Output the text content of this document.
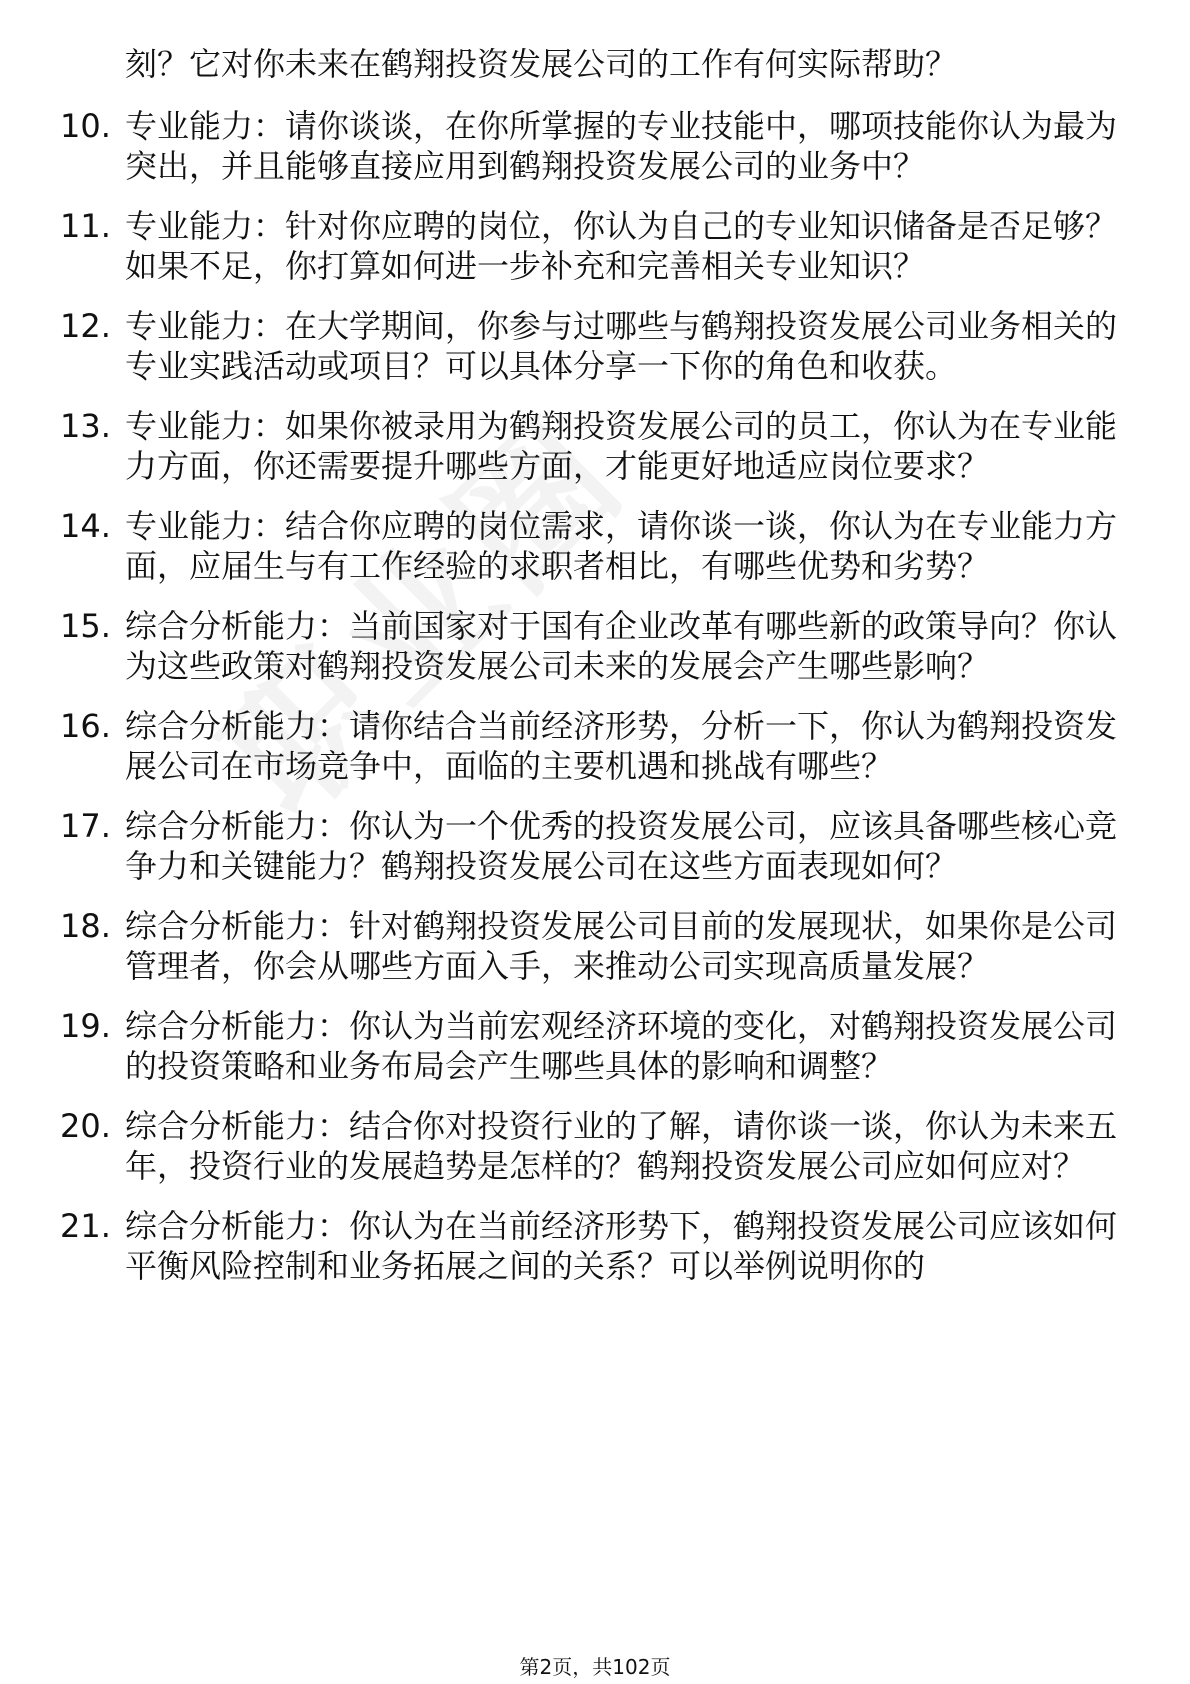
刻？它对你未来在鹤翔投资发展公司的工作有何实际帮助？

10. 专业能力：请你谈谈，在你所掌握的专业技能中，哪项技能你认为最为突出，并且能够直接应用到鹤翔投资发展公司的业务中？
11. 专业能力：针对你应聘的岗位，你认为自己的专业知识储备是否足够？如果不足，你打算如何进一步补充和完善相关专业知识？
12. 专业能力：在大学期间，你参与过哪些与鹤翔投资发展公司业务相关的专业实践活动或项目？可以具体分享一下你的角色和收获。
13. 专业能力：如果你被录用为鹤翔投资发展公司的员工，你认为在专业能力方面，你还需要提升哪些方面，才能更好地适应岗位要求？
14. 专业能力：结合你应聘的岗位需求，请你谈一谈，你认为在专业能力方面，应届生与有工作经验的求职者相比，有哪些优势和劣势？
15. 综合分析能力：当前国家对于国有企业改革有哪些新的政策导向？你认为这些政策对鹤翔投资发展公司未来的发展会产生哪些影响？
16. 综合分析能力：请你结合当前经济形势，分析一下，你认为鹤翔投资发展公司在市场竞争中，面临的主要机遇和挑战有哪些？
17. 综合分析能力：你认为一个优秀的投资发展公司，应该具备哪些核心竞争力和关键能力？鹤翔投资发展公司在这些方面表现如何？
18. 综合分析能力：针对鹤翔投资发展公司目前的发展现状，如果你是公司管理者，你会从哪些方面入手，来推动公司实现高质量发展？
19. 综合分析能力：你认为当前宏观经济环境的变化，对鹤翔投资发展公司的投资策略和业务布局会产生哪些具体的影响和调整？
20. 综合分析能力：结合你对投资行业的了解，请你谈一谈，你认为未来五年，投资行业的发展趋势是怎样的？鹤翔投资发展公司应如何应对？
21. 综合分析能力：你认为在当前经济形势下，鹤翔投资发展公司应该如何平衡风险控制和业务拓展之间的关系？可以举例说明你的
第2页，共102页
